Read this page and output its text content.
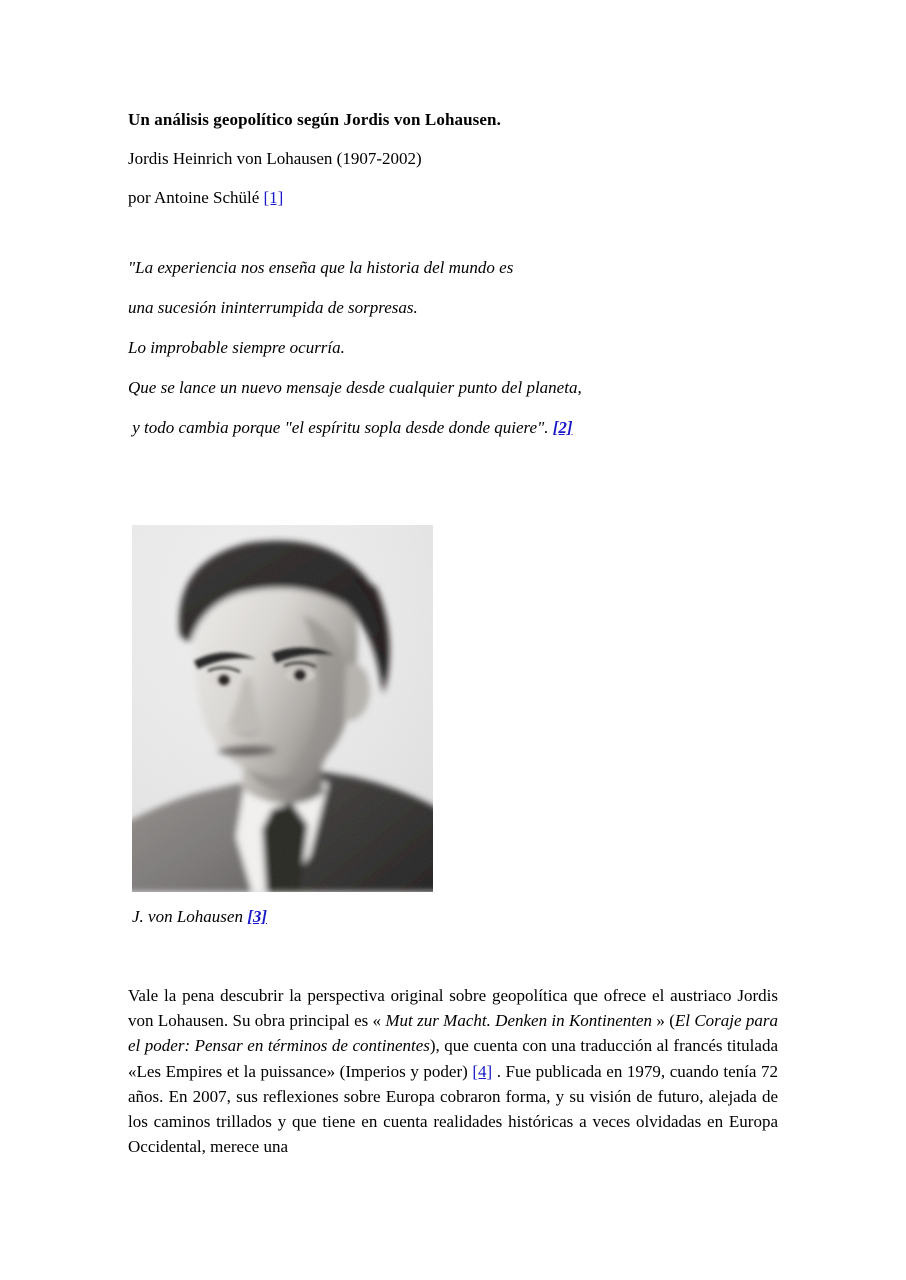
Un análisis geopolítico según Jordis von Lohausen.

Jordis Heinrich von Lohausen (1907-2002)

por Antoine Schülé [1]

"La experiencia nos enseña que la historia del mundo es
una sucesión ininterrumpida de sorpresas.
Lo improbable siempre ocurría.
Que se lance un nuevo mensaje desde cualquier punto del planeta,
y todo cambia porque "el espíritu sopla desde donde quiere". [2]
J. von Lohausen [3]

Vale la pena descubrir la perspectiva original sobre geopolítica que ofrece el austriaco Jordis von Lohausen. Su obra principal es « Mut zur Macht. Denken in Kontinenten » (El Coraje para el poder: Pensar en términos de continentes), que cuenta con una traducción al francés titulada «Les Empires et la puissance» (Imperios y poder) [4] . Fue publicada en 1979, cuando tenía 72 años. En 2007, sus reflexiones sobre Europa cobraron forma, y su visión de futuro, alejada de los caminos trillados y que tiene en cuenta realidades históricas a veces olvidadas en Europa Occidental, merece una
